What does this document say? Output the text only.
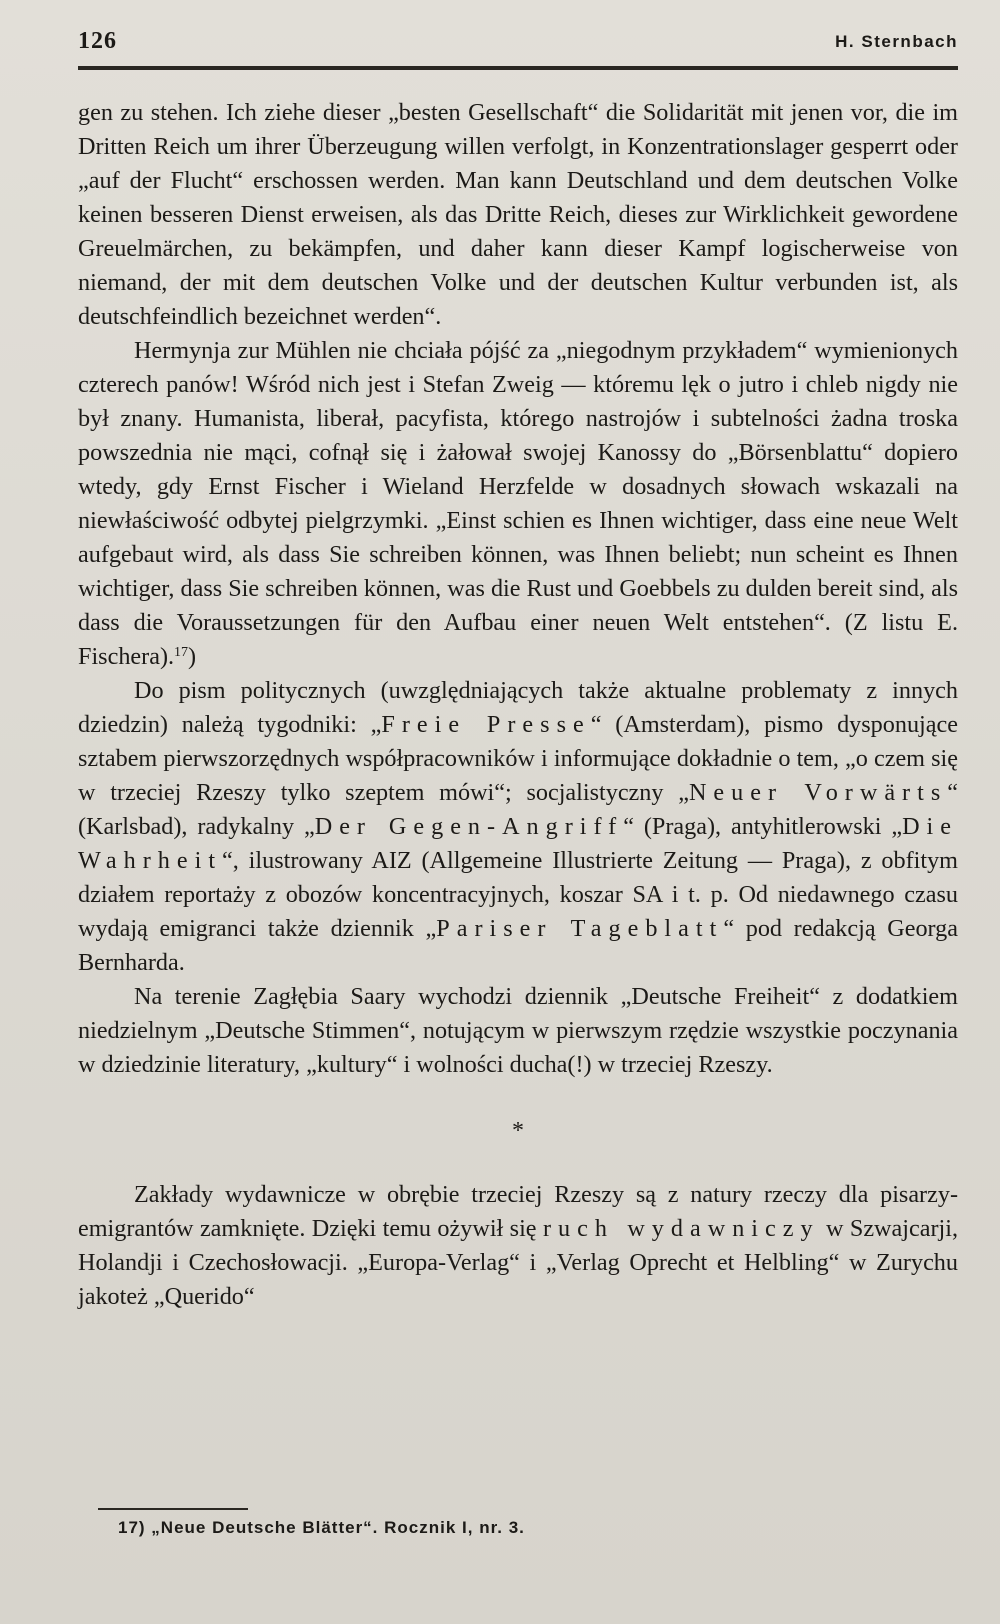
126	H. Sternbach

gen zu stehen. Ich ziehe dieser „besten Gesellschaft“ die Solidarität mit jenen vor, die im Dritten Reich um ihrer Überzeugung willen verfolgt, in Konzentrationslager gesperrt oder „auf der Flucht“ erschossen werden. Man kann Deutschland und dem deutschen Volke keinen besseren Dienst erweisen, als das Dritte Reich, dieses zur Wirklichkeit gewordene Greuelmärchen, zu bekämpfen, und daher kann dieser Kampf logischerweise von niemand, der mit dem deutschen Volke und der deutschen Kultur verbunden ist, als deutschfeindlich bezeichnet werden“.

Hermynja zur Mühlen nie chciała pójść za „niegodnym przykładem“ wymienionych czterech panów! Wśród nich jest i Stefan Zweig — któremu lęk o jutro i chleb nigdy nie był znany. Humanista, liberał, pacyfista, którego nastrojów i subtelności żadna troska powszednia nie mąci, cofnął się i żałował swojej Kanossy do „Börsenblattu“ dopiero wtedy, gdy Ernst Fischer i Wieland Herzfelde w dosadnych słowach wskazali na niewłaściwość odbytej pielgrzymki. „Einst schien es Ihnen wichtiger, dass eine neue Welt aufgebaut wird, als dass Sie schreiben können, was Ihnen beliebt; nun scheint es Ihnen wichtiger, dass Sie schreiben können, was die Rust und Goebbels zu dulden bereit sind, als dass die Voraussetzungen für den Aufbau einer neuen Welt entstehen“. (Z listu E. Fischera).$^{17}$)

Do pism politycznych (uwzględniających także aktualne problematy z innych dziedzin) należą tygodniki: „Freie Presse“ (Amsterdam), pismo dysponujące sztabem pierwszorzędnych współpracowników i informujące dokładnie o tem, „o czem się w trzeciej Rzeszy tylko szeptem mówi“; socjalistyczny „Neuer Vorwärts“ (Karlsbad), radykalny „Der Gegen-Angriff“ (Praga), antyhitlerowski „Die Wahrheit“, ilustrowany AIZ (Allgemeine Illustrierte Zeitung — Praga), z obfitym działem reportaży z obozów koncentracyjnych, koszar SA i t. p. Od niedawnego czasu wydają emigranci także dziennik „Pariser Tageblatt“ pod redakcją Georga Bernharda.

Na terenie Zagłębia Saary wychodzi dziennik „Deutsche Freiheit“ z dodatkiem niedzielnym „Deutsche Stimmen“, notującym w pierwszym rzędzie wszystkie poczynania w dziedzinie literatury, „kultury“ i wolności ducha(!) w trzeciej Rzeszy.

*

Zakłady wydawnicze w obrębie trzeciej Rzeszy są z natury rzeczy dla pisarzy-emigrantów zamknięte. Dzięki temu ożywił się ruch wydawniczy w Szwajcarji, Holandji i Czechosłowacji. „Europa-Verlag“ i „Verlag Oprecht et Helbling“ w Zurychu jakoteż „Querido“

17) „Neue Deutsche Blätter“. Rocznik I, nr. 3.
